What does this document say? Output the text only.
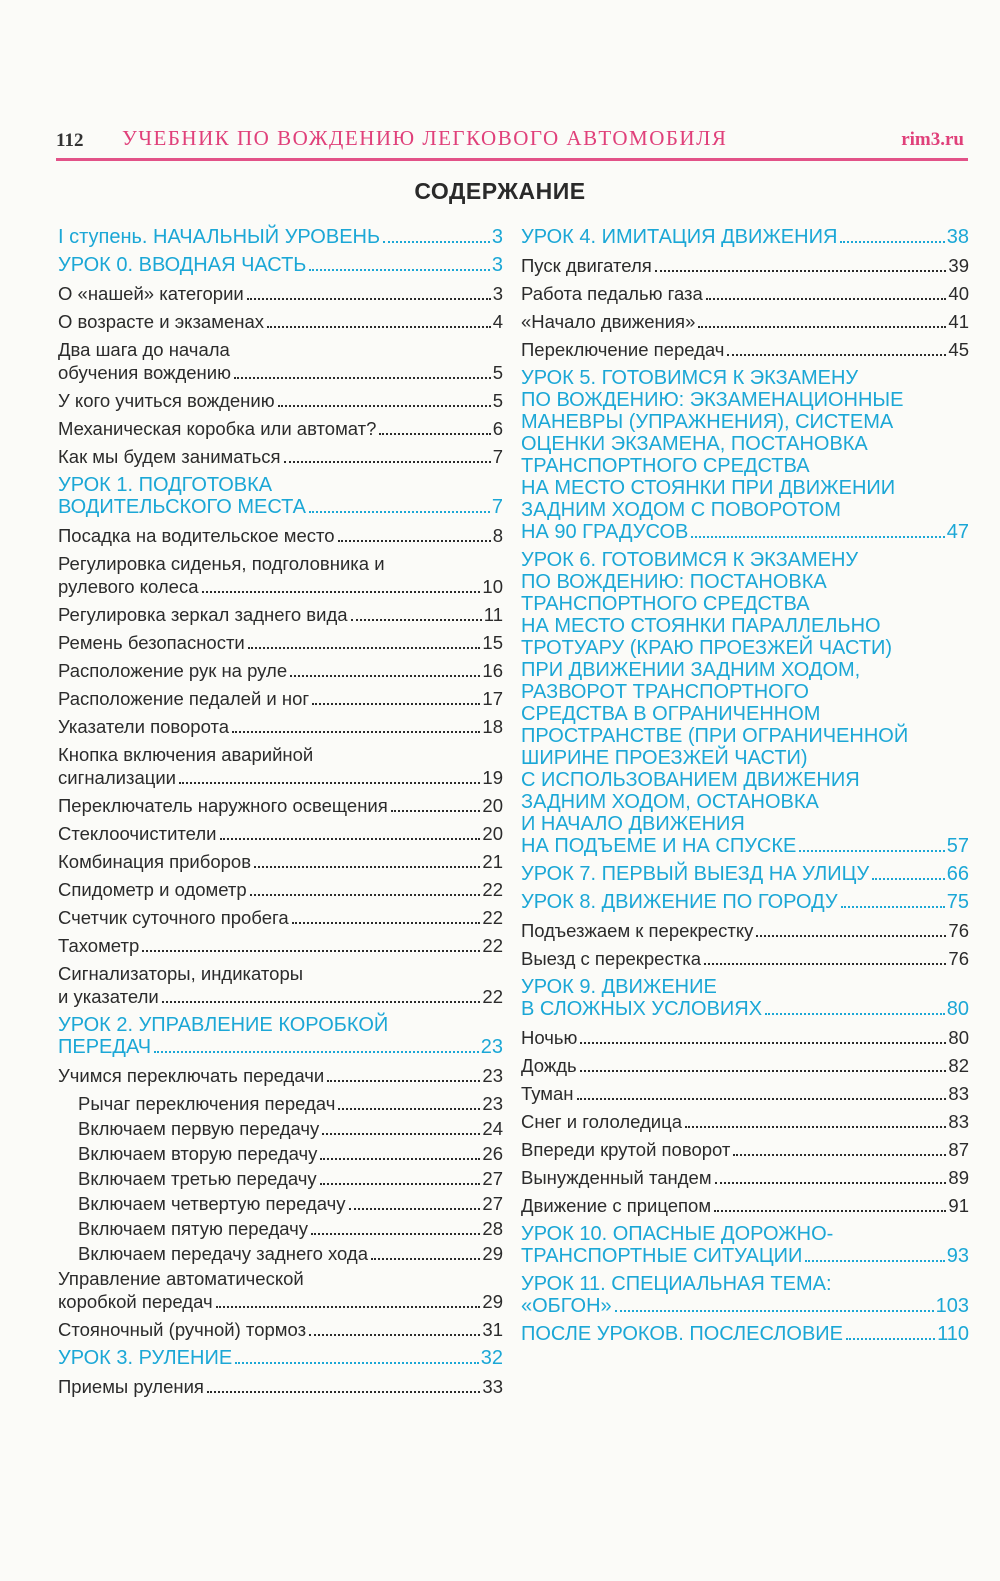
112 УЧЕБНИК ПО ВОЖДЕНИЮ ЛЕГКОВОГО АВТОМОБИЛЯ	rim3.ru
СОДЕРЖАНИЕ
I ступень. НАЧАЛЬНЫЙ УРОВЕНЬ	3
УРОК 0. ВВОДНАЯ ЧАСТЬ	3
О «нашей» категории	3
О возрасте и экзаменах	4
Два шага до начала
обучения вождению	5
У кого учиться вождению	5
Механическая коробка или автомат?	6
Как мы будем заниматься	7
УРОК 1. ПОДГОТОВКА
ВОДИТЕЛЬСКОГО МЕСТА	7
Посадка на водительское место	8
Регулировка сиденья, подголовника и
рулевого колеса	10
Регулировка зеркал заднего вида	11
Ремень безопасности	15
Расположение рук на руле	16
Расположение педалей и ног	17
Указатели поворота	18
Кнопка включения аварийной
сигнализации	19
Переключатель наружного освещения	20
Стеклоочистители	20
Комбинация приборов	21
Спидометр и одометр	22
Счетчик суточного пробега	22
Тахометр	22
Сигнализаторы, индикаторы
и указатели	22
УРОК 2. УПРАВЛЕНИЕ КОРОБКОЙ
ПЕРЕДАЧ	23
Учимся переключать передачи	23
Рычаг переключения передач	23
Включаем первую передачу	24
Включаем вторую передачу	26
Включаем третью передачу	27
Включаем четвертую передачу	27
Включаем пятую передачу	28
Включаем передачу заднего хода	29
Управление автоматической
коробкой передач	29
Стояночный (ручной) тормоз	31
УРОК 3. РУЛЕНИЕ	32
Приемы руления	33
УРОК 4. ИМИТАЦИЯ ДВИЖЕНИЯ	38
Пуск двигателя	39
Работа педалью газа	40
«Начало движения»	41
Переключение передач	45
УРОК 5. ГОТОВИМСЯ К ЭКЗАМЕНУ
ПО ВОЖДЕНИЮ: ЭКЗАМЕНАЦИОННЫЕ
МАНЕВРЫ (УПРАЖНЕНИЯ), СИСТЕМА
ОЦЕНКИ ЭКЗАМЕНА, ПОСТАНОВКА
ТРАНСПОРТНОГО СРЕДСТВА
НА МЕСТО СТОЯНКИ ПРИ ДВИЖЕНИИ
ЗАДНИМ ХОДОМ С ПОВОРОТОМ
НА 90 ГРАДУСОВ	47
УРОК 6. ГОТОВИМСЯ К ЭКЗАМЕНУ
ПО ВОЖДЕНИЮ: ПОСТАНОВКА
ТРАНСПОРТНОГО СРЕДСТВА
НА МЕСТО СТОЯНКИ ПАРАЛЛЕЛЬНО
ТРОТУАРУ (КРАЮ ПРОЕЗЖЕЙ ЧАСТИ)
ПРИ ДВИЖЕНИИ ЗАДНИМ ХОДОМ,
РАЗВОРОТ ТРАНСПОРТНОГО
СРЕДСТВА В ОГРАНИЧЕННОМ
ПРОСТРАНСТВЕ (ПРИ ОГРАНИЧЕННОЙ
ШИРИНЕ ПРОЕЗЖЕЙ ЧАСТИ)
С ИСПОЛЬЗОВАНИЕМ ДВИЖЕНИЯ
ЗАДНИМ ХОДОМ, ОСТАНОВКА
И НАЧАЛО ДВИЖЕНИЯ
НА ПОДЪЕМЕ И НА СПУСКЕ	57
УРОК 7. ПЕРВЫЙ ВЫЕЗД НА УЛИЦУ	66
УРОК 8. ДВИЖЕНИЕ ПО ГОРОДУ	75
Подъезжаем к перекрестку	76
Выезд с перекрестка	76
УРОК 9. ДВИЖЕНИЕ
В СЛОЖНЫХ УСЛОВИЯХ	80
Ночью	80
Дождь	82
Туман	83
Снег и гололедица	83
Впереди крутой поворот	87
Вынужденный тандем	89
Движение с прицепом	91
УРОК 10. ОПАСНЫЕ ДОРОЖНО-
ТРАНСПОРТНЫЕ СИТУАЦИИ	93
УРОК 11. СПЕЦИАЛЬНАЯ ТЕМА:
«ОБГОН»	103
ПОСЛЕ УРОКОВ. ПОСЛЕСЛОВИЕ	110
